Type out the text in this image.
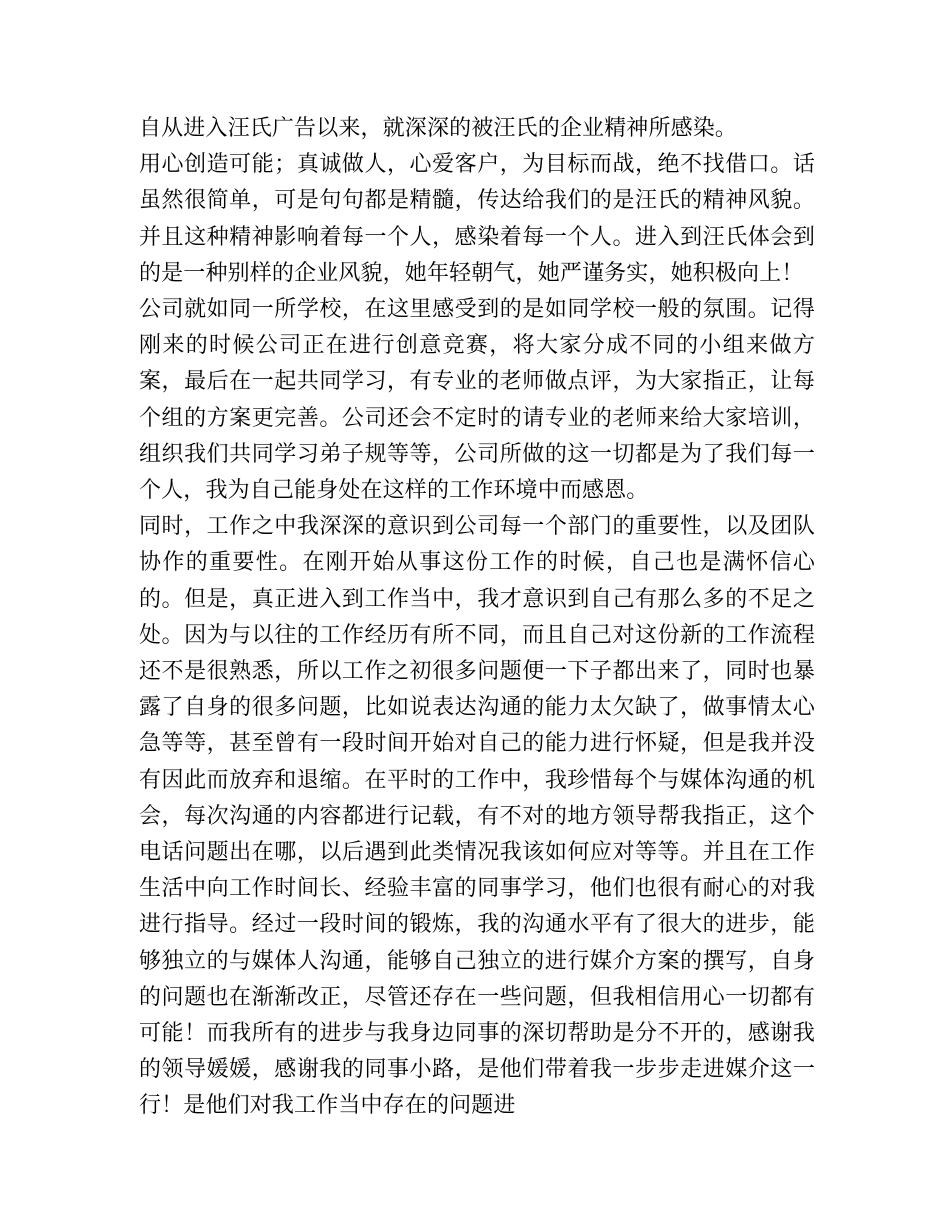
自从进入汪氏广告以来，就深深的被汪氏的企业精神所感染。

用心创造可能；真诚做人，心爱客户，为目标而战，绝不找借口。话虽然很简单，可是句句都是精髓，传达给我们的是汪氏的精神风貌。并且这种精神影响着每一个人，感染着每一个人。进入到汪氏体会到的是一种别样的企业风貌，她年轻朝气，她严谨务实，她积极向上！

公司就如同一所学校，在这里感受到的是如同学校一般的氛围。记得刚来的时候公司正在进行创意竞赛，将大家分成不同的小组来做方案，最后在一起共同学习，有专业的老师做点评，为大家指正，让每个组的方案更完善。公司还会不定时的请专业的老师来给大家培训，组织我们共同学习弟子规等等，公司所做的这一切都是为了我们每一个人，我为自己能身处在这样的工作环境中而感恩。

同时，工作之中我深深的意识到公司每一个部门的重要性，以及团队协作的重要性。在刚开始从事这份工作的时候，自己也是满怀信心的。但是，真正进入到工作当中，我才意识到自己有那么多的不足之处。因为与以往的工作经历有所不同，而且自己对这份新的工作流程还不是很熟悉，所以工作之初很多问题便一下子都出来了，同时也暴露了自身的很多问题，比如说表达沟通的能力太欠缺了，做事情太心急等等，甚至曾有一段时间开始对自己的能力进行怀疑，但是我并没有因此而放弃和退缩。在平时的工作中，我珍惜每个与媒体沟通的机会，每次沟通的内容都进行记载，有不对的地方领导帮我指正，这个电话问题出在哪，以后遇到此类情况我该如何应对等等。并且在工作生活中向工作时间长、经验丰富的同事学习，他们也很有耐心的对我进行指导。经过一段时间的锻炼，我的沟通水平有了很大的进步，能够独立的与媒体人沟通，能够自己独立的进行媒介方案的撰写，自身的问题也在渐渐改正，尽管还存在一些问题，但我相信用心一切都有可能！而我所有的进步与我身边同事的深切帮助是分不开的，感谢我的领导媛媛，感谢我的同事小路，是他们带着我一步步走进媒介这一行！是他们对我工作当中存在的问题进
